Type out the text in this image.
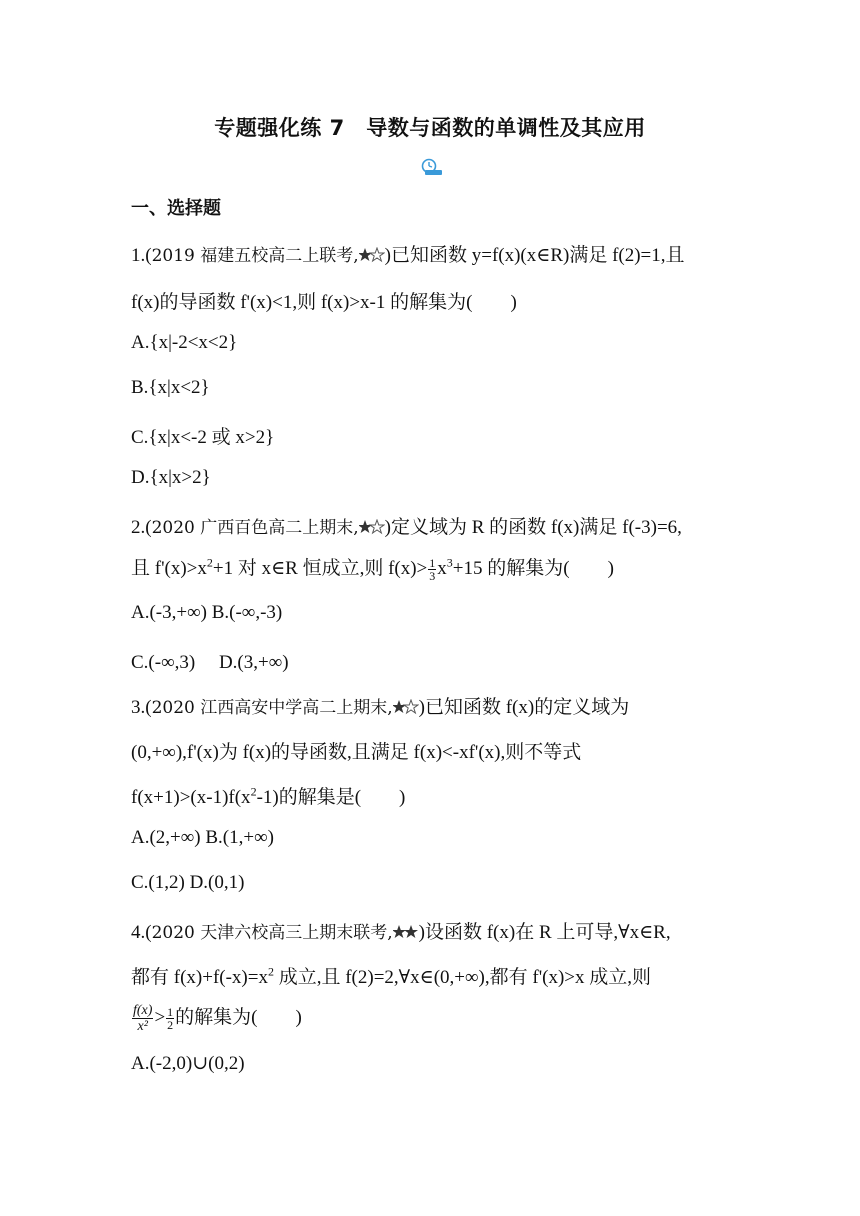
专题强化练 7　导数与函数的单调性及其应用
一、选择题
1.(2019 福建五校高二上联考, )已知函数 y=f(x)(x∈R)满足 f(2)=1,且
f(x)的导函数 f'(x)<1,则 f(x)>x-1 的解集为(　　)
A.{x|-2<x<2}
B.{x|x<2}
C.{x|x<-2 或 x>2}
D.{x|x>2}
2.(2020 广西百色高二上期末, )定义域为 R 的函数 f(x)满足 f(-3)=6,
且 $f'(x)>x^2+1$ 对 x∈R 恒成立,则 $f(x)> \frac{1}{3} x^3+15$ 的解集为(　　)
A.(-3,+∞) B.(-∞,-3)
C.(-∞,3)　 D.(3,+∞)
3.(2020 江西高安中学高二上期末, )已知函数 f(x)的定义域为
(0,+∞),f'(x)为 f(x)的导函数,且满足 f(x)<-xf'(x),则不等式
$f(x+1)>(x-1)f(x^2-1)$的解集是(　　)
A.(2,+∞) B.(1,+∞)
C.(1,2) D.(0,1)
4.(2020 天津六校高三上期末联考, )设函数 f(x)在 R 上可导,∀x∈R,
都有 $f(x)+f(-x)=x^2$ 成立,且 f(2)=2,∀x∈(0,+∞),都有 f'(x)>x 成立,则
$\frac{f(x)}{\text{x²}} > \frac{1}{2}$ 的解集为(　　)
A.(-2,0)∪(0,2)
